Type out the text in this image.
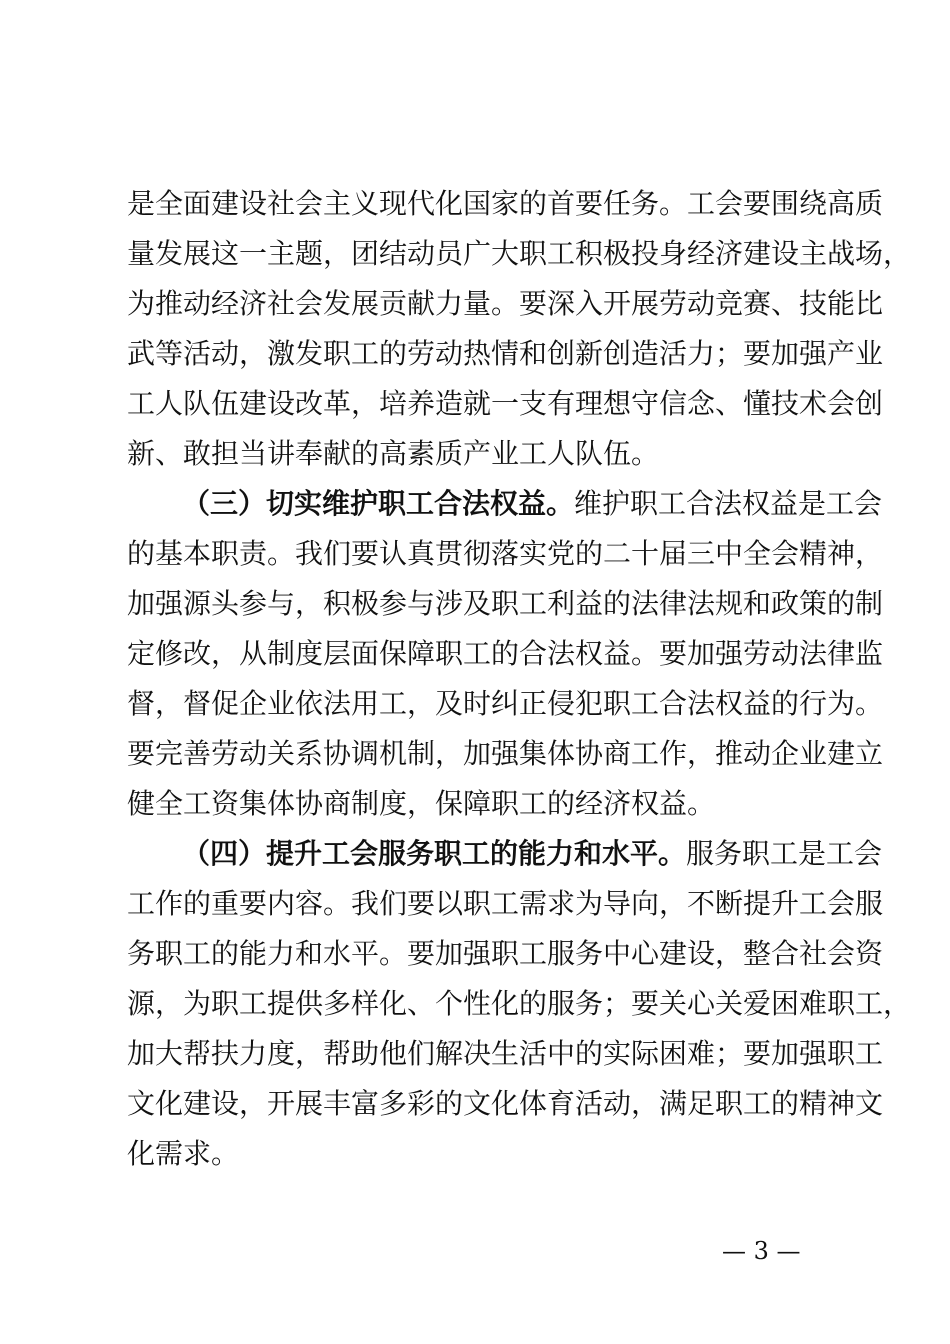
是全面建设社会主义现代化国家的首要任务。工会要围绕高质
量发展这一主题，团结动员广大职工积极投身经济建设主战场，
为推动经济社会发展贡献力量。要深入开展劳动竞赛、技能比
武等活动，激发职工的劳动热情和创新创造活力；要加强产业
工人队伍建设改革，培养造就一支有理想守信念、懂技术会创
新、敢担当讲奉献的高素质产业工人队伍。
（三）切实维护职工合法权益。维护职工合法权益是工会
的基本职责。我们要认真贯彻落实党的二十届三中全会精神，
加强源头参与，积极参与涉及职工利益的法律法规和政策的制
定修改，从制度层面保障职工的合法权益。要加强劳动法律监
督，督促企业依法用工，及时纠正侵犯职工合法权益的行为。
要完善劳动关系协调机制，加强集体协商工作，推动企业建立
健全工资集体协商制度，保障职工的经济权益。
（四）提升工会服务职工的能力和水平。服务职工是工会
工作的重要内容。我们要以职工需求为导向，不断提升工会服
务职工的能力和水平。要加强职工服务中心建设，整合社会资
源，为职工提供多样化、个性化的服务；要关心关爱困难职工，
加大帮扶力度，帮助他们解决生活中的实际困难；要加强职工
文化建设，开展丰富多彩的文化体育活动，满足职工的精神文
化需求。
— 3 —
